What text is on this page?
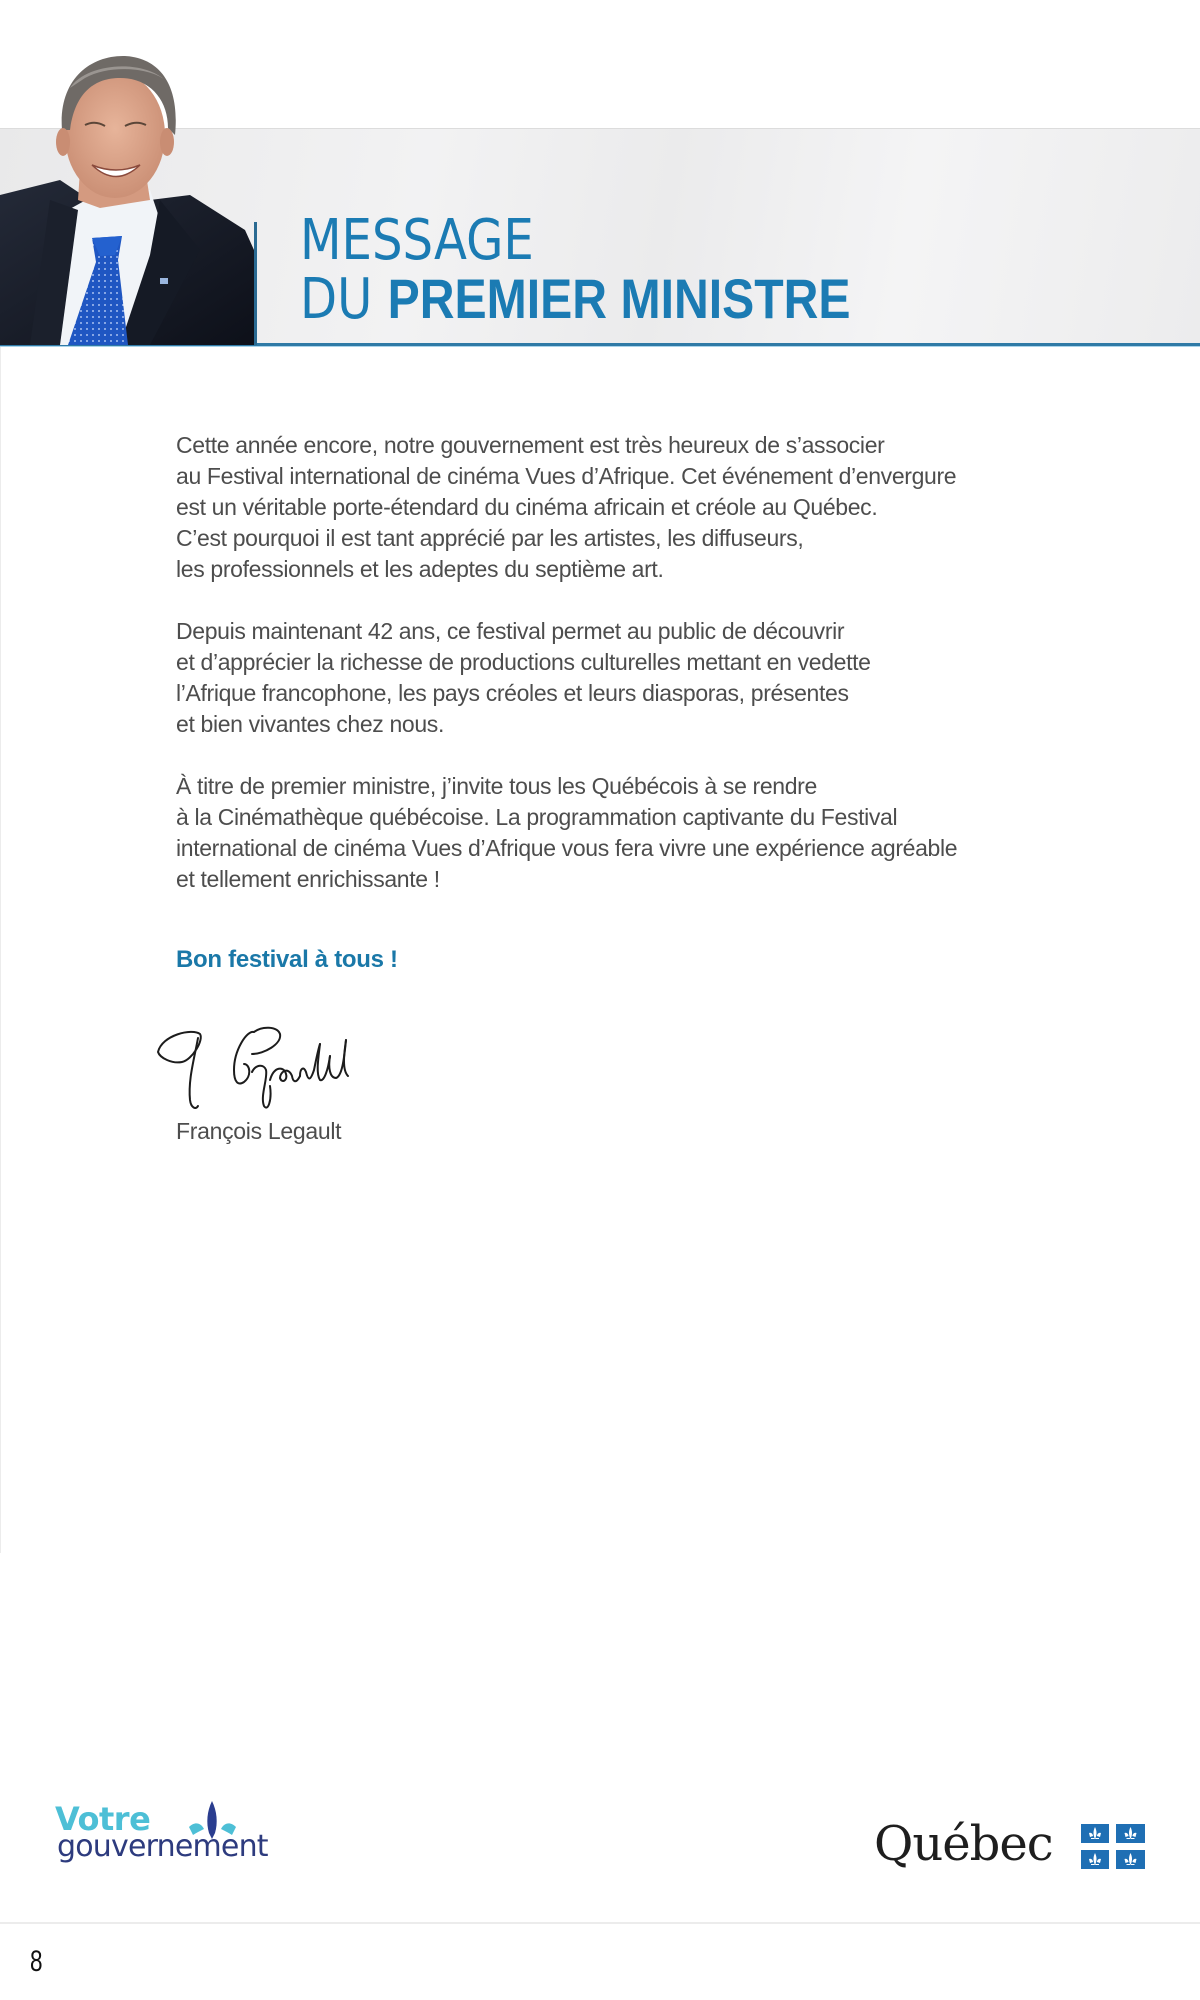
MESSAGE
DU PREMIER MINISTRE
Cette année encore, notre gouvernement est très heureux de s’associer
au Festival international de cinéma Vues d’Afrique. Cet événement d’envergure
est un véritable porte-étendard du cinéma africain et créole au Québec.
C’est pourquoi il est tant apprécié par les artistes, les diffuseurs,
les professionnels et les adeptes du septième art.
Depuis maintenant 42 ans, ce festival permet au public de découvrir
et d’apprécier la richesse de productions culturelles mettant en vedette
l’Afrique francophone, les pays créoles et leurs diasporas, présentes
et bien vivantes chez nous.
À titre de premier ministre, j’invite tous les Québécois à se rendre
à la Cinémathèque québécoise. La programmation captivante du Festival
international de cinéma Vues d’Afrique vous fera vivre une expérience agréable
et tellement enrichissante !
Bon festival à tous !
François Legault
Votre
gouvernement	Québec
8
